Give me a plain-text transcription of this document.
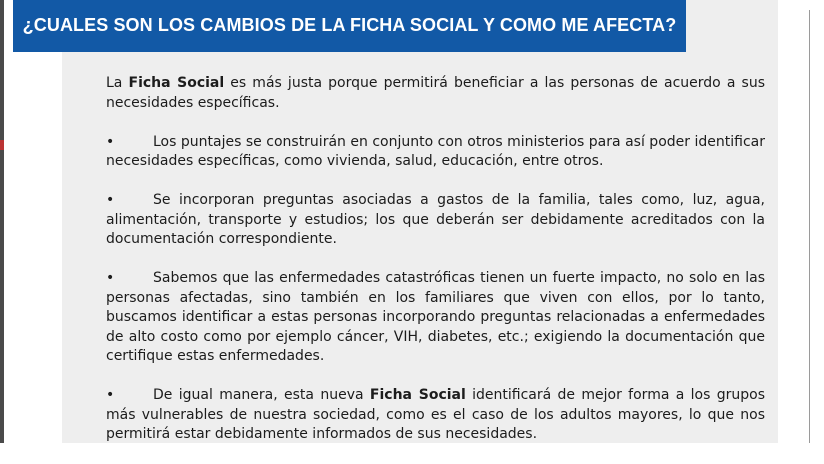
¿CUALES SON LOS CAMBIOS DE LA FICHA SOCIAL Y COMO ME AFECTA?

La Ficha Social es más justa porque permitirá beneficiar a las personas de acuerdo a sus necesidades específicas.

•	Los puntajes se construirán en conjunto con otros ministerios para así poder identificar necesidades específicas, como vivienda, salud, educación, entre otros.

•	Se incorporan preguntas asociadas a gastos de la familia, tales como, luz, agua, alimentación, transporte y estudios; los que deberán ser debidamente acreditados con la documentación correspondiente.

•	Sabemos que las enfermedades catastróficas tienen un fuerte impacto, no solo en las personas afectadas, sino también en los familiares que viven con ellos, por lo tanto, buscamos identificar a estas personas incorporando preguntas relacionadas a enfermedades de alto costo como por ejemplo cáncer, VIH, diabetes, etc.; exigiendo la documentación que certifique estas enfermedades.

•	De igual manera, esta nueva Ficha Social identificará de mejor forma a los grupos más vulnerables de nuestra sociedad, como es el caso de los adultos mayores, lo que nos permitirá estar debidamente informados de sus necesidades.
